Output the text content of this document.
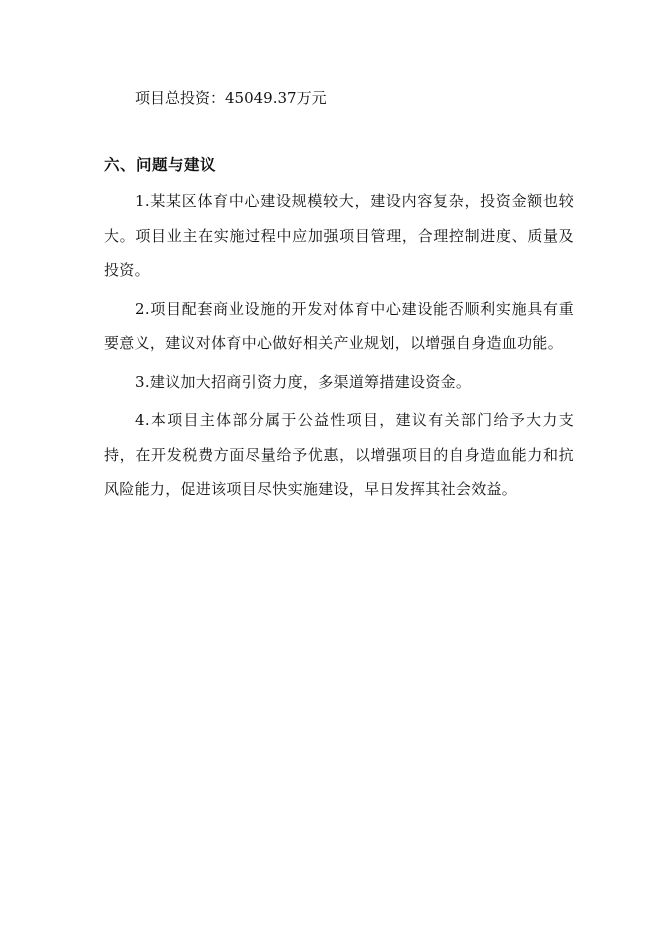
项目总投资：45049.37万元

六、问题与建议

1.某某区体育中心建设规模较大，建设内容复杂，投资金额也较大。项目业主在实施过程中应加强项目管理，合理控制进度、质量及投资。

2.项目配套商业设施的开发对体育中心建设能否顺利实施具有重要意义，建议对体育中心做好相关产业规划，以增强自身造血功能。

3.建议加大招商引资力度，多渠道筹措建设资金。

4.本项目主体部分属于公益性项目，建议有关部门给予大力支持，在开发税费方面尽量给予优惠，以增强项目的自身造血能力和抗风险能力，促进该项目尽快实施建设，早日发挥其社会效益。
